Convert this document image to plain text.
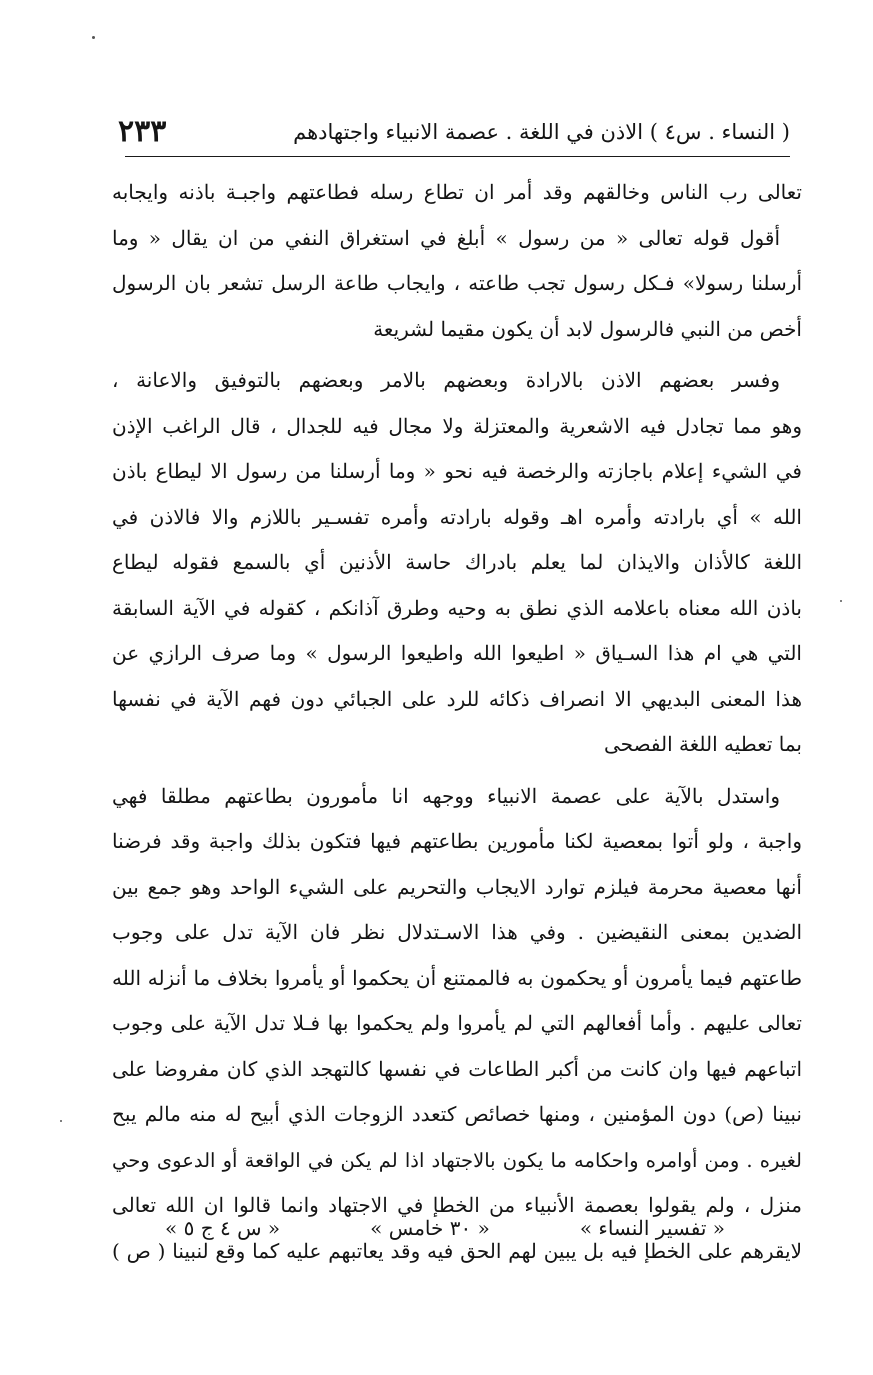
( النساء . س٤ ) الاذن في اللغة . عصمة الانبياء واجتهادهم
٢٣٣
تعالى رب الناس وخالقهم وقد أمر ان تطاع رسله فطاعتهم واجبـة باذنه وايجابه
أقول قوله تعالى « من رسول » أبلغ في استغراق النفي من ان يقال « وما
أرسلنا رسولا» فـكل رسول تجب طاعته ، وايجاب طاعة الرسل تشعر بان الرسول
أخص من النبي فالرسول لابد أن يكون مقيما لشريعة
وفسر بعضهم الاذن بالارادة وبعضهم بالامر وبعضهم بالتوفيق والاعانة ،
وهو مما تجادل فيه الاشعرية والمعتزلة ولا مجال فيه للجدال ، قال الراغب الإذن
في الشيء إعلام باجازته والرخصة فيه نحو « وما أرسلنا من رسول الا ليطاع باذن
الله » أي بارادته وأمره اهـ وقوله بارادته وأمره تفسـير باللازم والا فالاذن في
اللغة كالأذان والايذان لما يعلم بادراك حاسة الأذنين أي بالسمع فقوله ليطاع
باذن الله معناه باعلامه الذي نطق به وحيه وطرق آذانكم ، كقوله في الآية السابقة
التي هي ام هذا السـياق « اطيعوا الله واطيعوا الرسول » وما صرف الرازي عن
هذا المعنى البديهي الا انصراف ذكائه للرد على الجبائي دون فهم الآية في نفسها
بما تعطيه اللغة الفصحى
واستدل بالآية على عصمة الانبياء ووجهه انا مأمورون بطاعتهم مطلقا فهي
واجبة ، ولو أتوا بمعصية لكنا مأمورين بطاعتهم فيها فتكون بذلك واجبة وقد فرضنا
أنها معصية محرمة فيلزم توارد الايجاب والتحريم على الشيء الواحد وهو جمع بين
الضدين بمعنى النقيضين . وفي هذا الاسـتدلال نظر فان الآية تدل على وجوب
طاعتهم فيما يأمرون أو يحكمون به فالممتنع أن يحكموا أو يأمروا بخلاف ما أنزله الله
تعالى عليهم . وأما أفعالهم التي لم يأمروا ولم يحكموا بها فـلا تدل الآية على وجوب
اتباعهم فيها وان كانت من أكبر الطاعات في نفسها كالتهجد الذي كان مفروضا على
نبينا (ص) دون المؤمنين ، ومنها خصائص كتعدد الزوجات الذي أبيح له منه مالم يبح
لغيره . ومن أوامره واحكامه ما يكون بالاجتهاد اذا لم يكن في الواقعة أو الدعوى وحي
منزل ، ولم يقولوا بعصمة الأنبياء من الخطإ في الاجتهاد وانما قالوا ان الله تعالى
لايقرهم على الخطإ فيه بل يبين لهم الحق فيه وقد يعاتبهم عليه كما وقع لنبينا ( ص )
« تفسير النساء »
« ٣٠ خامس »
« س ٤ ج ٥ »
